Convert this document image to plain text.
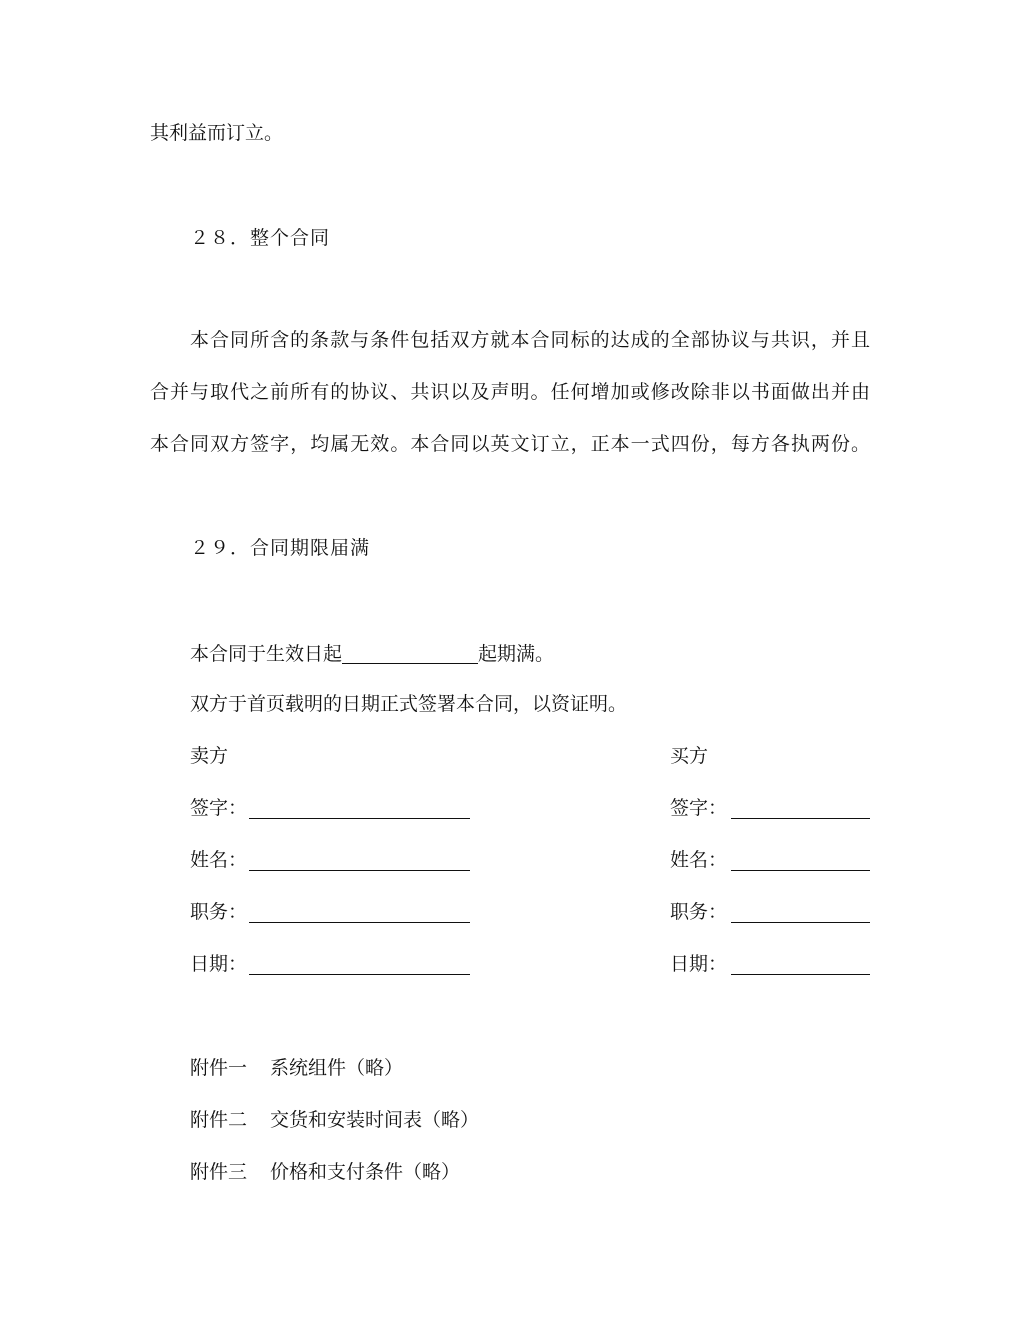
其利益而订立。
２８．整个合同
本合同所含的条款与条件包括双方就本合同标的达成的全部协议与共识，并且
合并与取代之前所有的协议、共识以及声明。任何增加或修改除非以书面做出并由
本合同双方签字，均属无效。本合同以英文订立，正本一式四份，每方各执两份。
２９．合同期限届满
本合同于生效日起	起期满。
双方于首页载明的日期正式签署本合同，以资证明。
卖方
签字：
姓名：
职务：
日期：
买方
签字：
姓名：
职务：
日期：
附件一 系统组件（略）
附件二 交货和安装时间表（略）
附件三 价格和支付条件（略）
